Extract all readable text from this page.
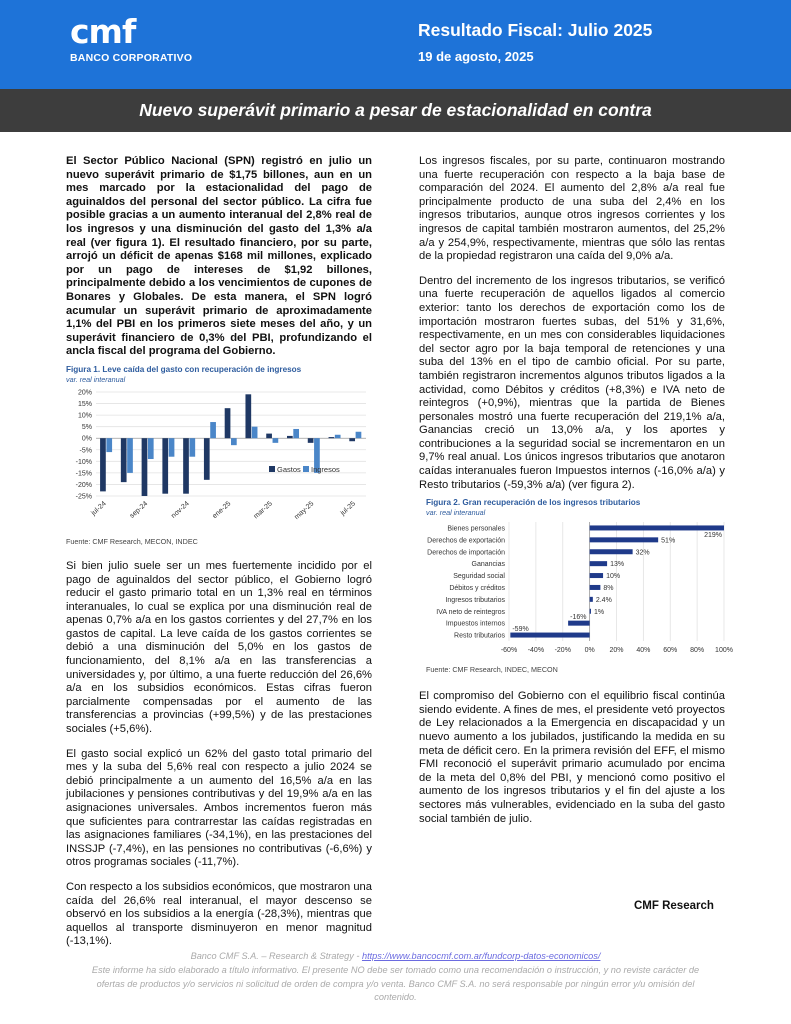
cmf
BANCO CORPORATIVO
Resultado Fiscal: Julio 2025
19 de agosto, 2025
Nuevo superávit primario a pesar de estacionalidad en contra

El Sector Público Nacional (SPN) registró en julio un nuevo superávit primario de $1,75 billones, aun en un mes marcado por la estacionalidad del pago de aguinaldos del personal del sector público. La cifra fue posible gracias a un aumento interanual del 2,8% real de los ingresos y una disminución del gasto del 1,3% a/a real (ver figura 1). El resultado financiero, por su parte, arrojó un déficit de apenas $168 mil millones, explicado por un pago de intereses de $1,92 billones, principalmente debido a los vencimientos de cupones de Bonares y Globales. De esta manera, el SPN logró acumular un superávit primario de aproximadamente 1,1% del PBI en los primeros siete meses del año, y un superávit financiero de 0,3% del PBI, profundizando el ancla fiscal del programa del Gobierno.

Figura 1. Leve caída del gasto con recuperación de ingresos
var. real interanual
20%
15%
10%
5%
0%
-5%
-10%
-15%
-20%
-25%
jul-24	sep-24	nov-24	ene-25	mar-25	may-25	jul-25
Gastos Ingresos
Fuente: CMF Research, MECON, INDEC

Si bien julio suele ser un mes fuertemente incidido por el pago de aguinaldos del sector público, el Gobierno logró reducir el gasto primario total en un 1,3% real en términos interanuales, lo cual se explica por una disminución real de apenas 0,7% a/a en los gastos corrientes y del 27,7% en los gastos de capital. La leve caída de los gastos corrientes se debió a una disminución del 5,0% en los gastos de funcionamiento, del 8,1% a/a en las transferencias a universidades y, por último, a una fuerte reducción del 26,6% a/a en los subsidios económicos. Estas cifras fueron parcialmente compensadas por el aumento de las transferencias a provincias (+99,5%) y de las prestaciones sociales (+5,6%).

El gasto social explicó un 62% del gasto total primario del mes y la suba del 5,6% real con respecto a julio 2024 se debió principalmente a un aumento del 16,5% a/a en las jubilaciones y pensiones contributivas y del 19,9% a/a en las asignaciones universales. Ambos incrementos fueron más que suficientes para contrarrestar las caídas registradas en las asignaciones familiares (-34,1%), en las prestaciones del INSSJP (-7,4%), en las pensiones no contributivas (-6,6%) y otros programas sociales (-11,7%).

Con respecto a los subsidios económicos, que mostraron una caída del 26,6% real interanual, el mayor descenso se observó en los subsidios a la energía (-28,3%), mientras que aquellos al transporte disminuyeron en menor magnitud (-13,1%).

Los ingresos fiscales, por su parte, continuaron mostrando una fuerte recuperación con respecto a la baja base de comparación del 2024. El aumento del 2,8% a/a real fue principalmente producto de una suba del 2,4% en los ingresos tributarios, aunque otros ingresos corrientes y los ingresos de capital también mostraron aumentos, del 25,2% a/a y 254,9%, respectivamente, mientras que sólo las rentas de la propiedad registraron una caída del 9,0% a/a.

Dentro del incremento de los ingresos tributarios, se verificó una fuerte recuperación de aquellos ligados al comercio exterior: tanto los derechos de exportación como los de importación mostraron fuertes subas, del 51% y 31,6%, respectivamente, en un mes con considerables liquidaciones del sector agro por la baja temporal de retenciones y una suba del 13% en el tipo de cambio oficial. Por su parte, también registraron incrementos algunos tributos ligados a la actividad, como Débitos y créditos (+8,3%) e IVA neto de reintegros (+0,9%), mientras que la partida de Bienes personales mostró una fuerte recuperación del 219,1% a/a, Ganancias creció un 13,0% a/a, y los aportes y contribuciones a la seguridad social se incrementaron en un 9,7% real anual. Los únicos ingresos tributarios que anotaron caídas interanuales fueron Impuestos internos (-16,0% a/a) y Resto tributarios (-59,3% a/a) (ver figura 2).

Figura 2. Gran recuperación de los ingresos tributarios
var. real interanual
-60% -40% -20% 0% 20% 40% 60% 80% 100%
Bienes personales
219%
Derechos de exportación	51%
Derechos de importación	32%
Ganancias	13%
Seguridad social	10%
Débitos y créditos	8%
Ingresos tributarios	2.4%
IVA neto de reintegros	1%
Impuestos internos
-16%
Resto tributarios
-59%
Fuente: CMF Research, INDEC, MECON

El compromiso del Gobierno con el equilibrio fiscal continúa siendo evidente. A fines de mes, el presidente vetó proyectos de Ley relacionados a la Emergencia en discapacidad y un nuevo aumento a los jubilados, justificando la medida en su meta de déficit cero. En la primera revisión del EFF, el mismo FMI reconoció el superávit primario acumulado por encima de la meta del 0,8% del PBI, y mencionó como positivo el aumento de los ingresos tributarios y el fin del ajuste a los sectores más vulnerables, evidenciado en la suba del gasto social también de julio.

CMF Research
Banco CMF S.A. – Research & Strategy - https://www.bancocmf.com.ar/fundcorp-datos-economicos/
Este informe ha sido elaborado a título informativo. El presente NO debe ser tomado como una recomendación o instrucción, y no reviste carácter de ofertas de productos y/o servicios ni solicitud de orden de compra y/o venta. Banco CMF S.A. no será responsable por ningún error y/u omisión del contenido.
